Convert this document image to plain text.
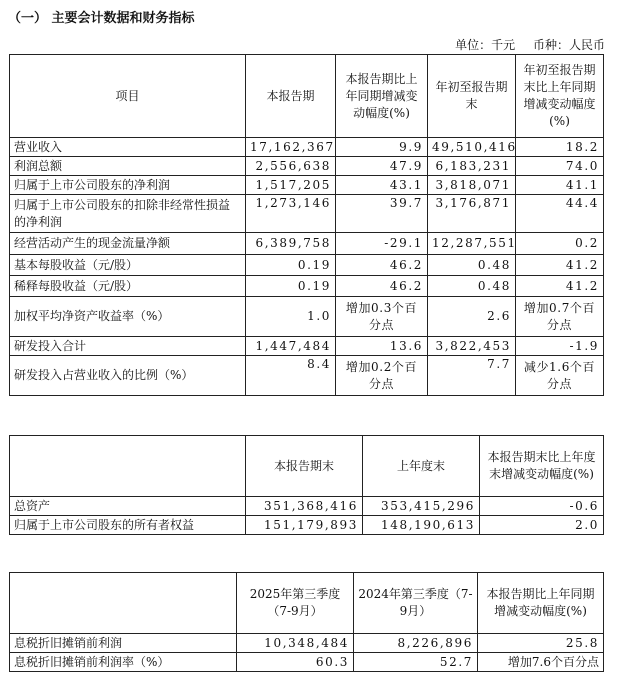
（一） 主要会计数据和财务指标
单位：千元 币种：人民币
项目	本报告期	本报告期比上年同期增减变动幅度(%)	年初至报告期末	年初至报告期末比上年同期增减变动幅度(%)
营业收入	17,162,367	9.9	49,510,416	18.2
利润总额	2,556,638	47.9	6,183,231	74.0
归属于上市公司股东的净利润	1,517,205	43.1	3,818,071	41.1
归属于上市公司股东的扣除非经常性损益的净利润	1,273,146	39.7	3,176,871	44.4
经营活动产生的现金流量净额	6,389,758	-29.1	12,287,551	0.2
基本每股收益（元/股）	0.19	46.2	0.48	41.2
稀释每股收益（元/股）	0.19	46.2	0.48	41.2
加权平均净资产收益率（%）	1.0	增加0.3个百分点	2.6	增加0.7个百分点
研发投入合计	1,447,484	13.6	3,822,453	-1.9
研发投入占营业收入的比例（%）	8.4	增加0.2个百分点	7.7	减少1.6个百分点
	本报告期末	上年度末	本报告期末比上年度末增减变动幅度(%)
总资产	351,368,416	353,415,296	-0.6
归属于上市公司股东的所有者权益	151,179,893	148,190,613	2.0
	2025年第三季度（7-9月）	2024年第三季度（7-9月）	本报告期比上年同期增减变动幅度(%)
息税折旧摊销前利润	10,348,484	8,226,896	25.8
息税折旧摊销前利润率（%）	60.3	52.7	增加7.6个百分点
